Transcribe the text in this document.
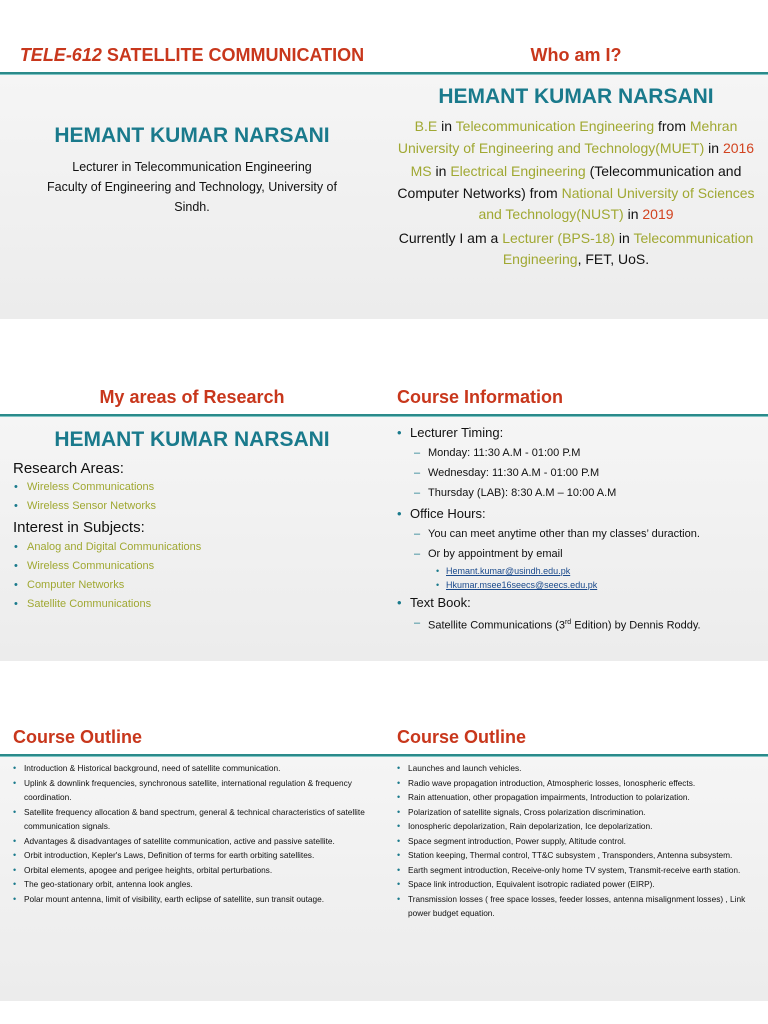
TELE-612 SATELLITE COMMUNICATION
HEMANT KUMAR NARSANI
Lecturer in Telecommunication Engineering
Faculty of Engineering and Technology, University of
Sindh.
Who am I?
HEMANT KUMAR NARSANI
B.E in Telecommunication Engineering from Mehran University of Engineering and Technology(MUET) in 2016
MS in Electrical Engineering (Telecommunication and Computer Networks) from National University of Sciences and Technology(NUST) in 2019
Currently I am a Lecturer (BPS-18) in Telecommunication Engineering, FET, UoS.
My areas of Research
HEMANT KUMAR NARSANI
Research Areas:
• Wireless Communications
• Wireless Sensor Networks
Interest in Subjects:
• Analog and Digital Communications
• Wireless Communications
• Computer Networks
• Satellite Communications
Course Information
• Lecturer Timing:
– Monday: 11:30 A.M - 01:00 P.M
– Wednesday: 11:30 A.M - 01:00 P.M
– Thursday (LAB): 8:30 A.M – 10:00 A.M
• Office Hours:
– You can meet anytime other than my classes’ duraction.
– Or by appointment by email
• Hemant.kumar@usindh.edu.pk
• Hkumar.msee16seecs@seecs.edu.pk
• Text Book:
– Satellite Communications (3rd Edition) by Dennis Roddy.
Course Outline
• Introduction & Historical background, need of satellite communication.
• Uplink & downlink frequencies, synchronous satellite, international regulation & frequency coordination.
• Satellite frequency allocation & band spectrum, general & technical characteristics of satellite communication signals.
• Advantages & disadvantages of satellite communication, active and passive satellite.
• Orbit introduction, Kepler's Laws, Definition of terms for earth orbiting satellites.
• Orbital elements, apogee and perigee heights, orbital perturbations.
• The geo-stationary orbit, antenna look angles.
• Polar mount antenna, limit of visibility, earth eclipse of satellite, sun transit outage.
Course Outline
• Launches and launch vehicles.
• Radio wave propagation introduction, Atmospheric losses, Ionospheric effects.
• Rain attenuation, other propagation impairments, Introduction to polarization.
• Polarization of satellite signals, Cross polarization discrimination.
• Ionospheric depolarization, Rain depolarization, Ice depolarization.
• Space segment introduction, Power supply, Altitude control.
• Station keeping, Thermal control, TT&C subsystem , Transponders, Antenna subsystem.
• Earth segment introduction, Receive-only home TV system, Transmit-receive earth station.
• Space link introduction, Equivalent isotropic radiated power (EIRP).
• Transmission losses ( free space losses, feeder losses, antenna misalignment losses) , Link power budget equation.
